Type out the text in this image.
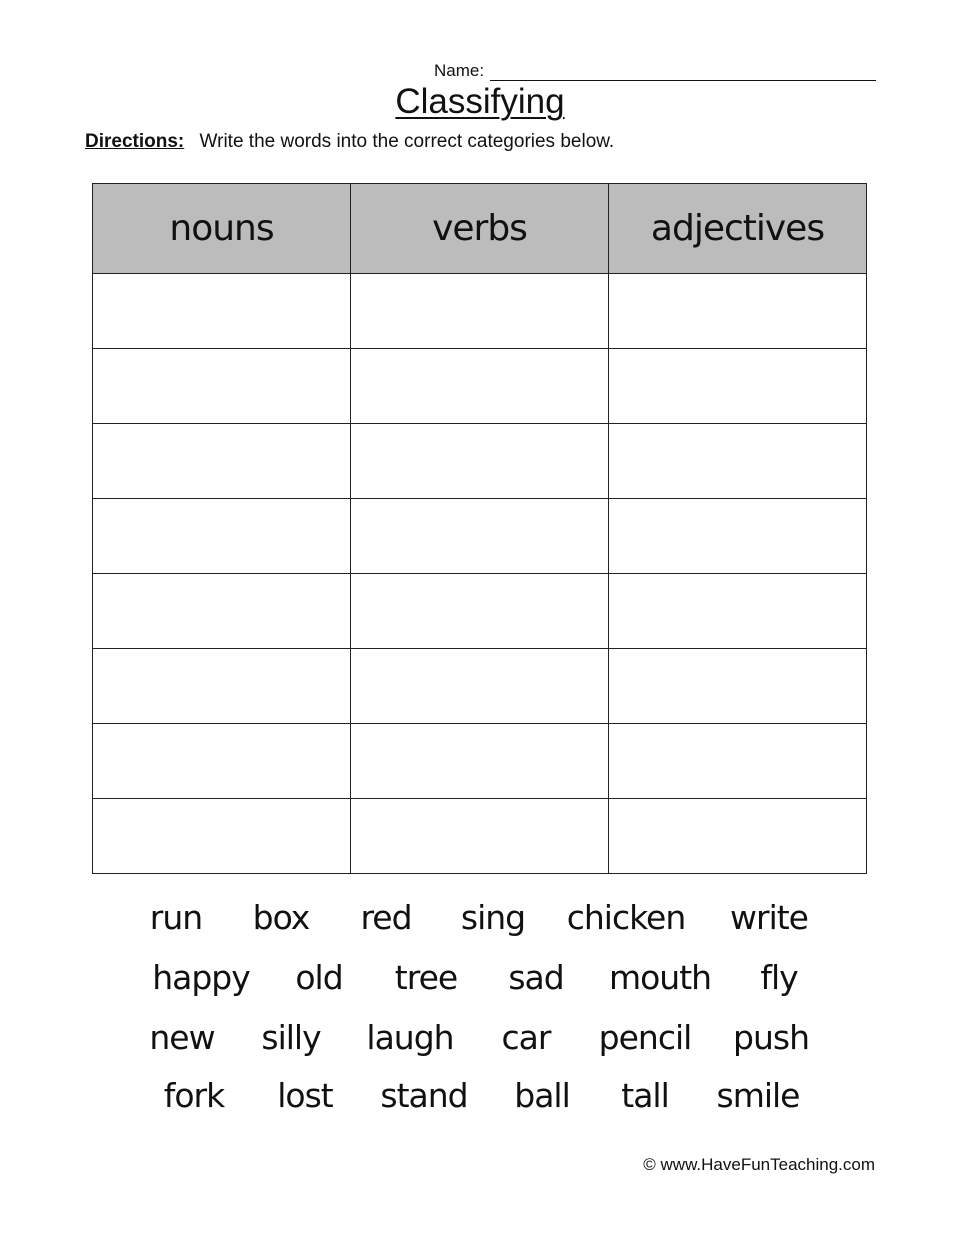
Name:
Classifying
Directions: Write the words into the correct categories below.
nouns	verbs	adjectives

run box red sing chicken write
happy old tree sad mouth fly
new silly laugh car pencil push
fork lost stand ball tall smile
© www.HaveFunTeaching.com
